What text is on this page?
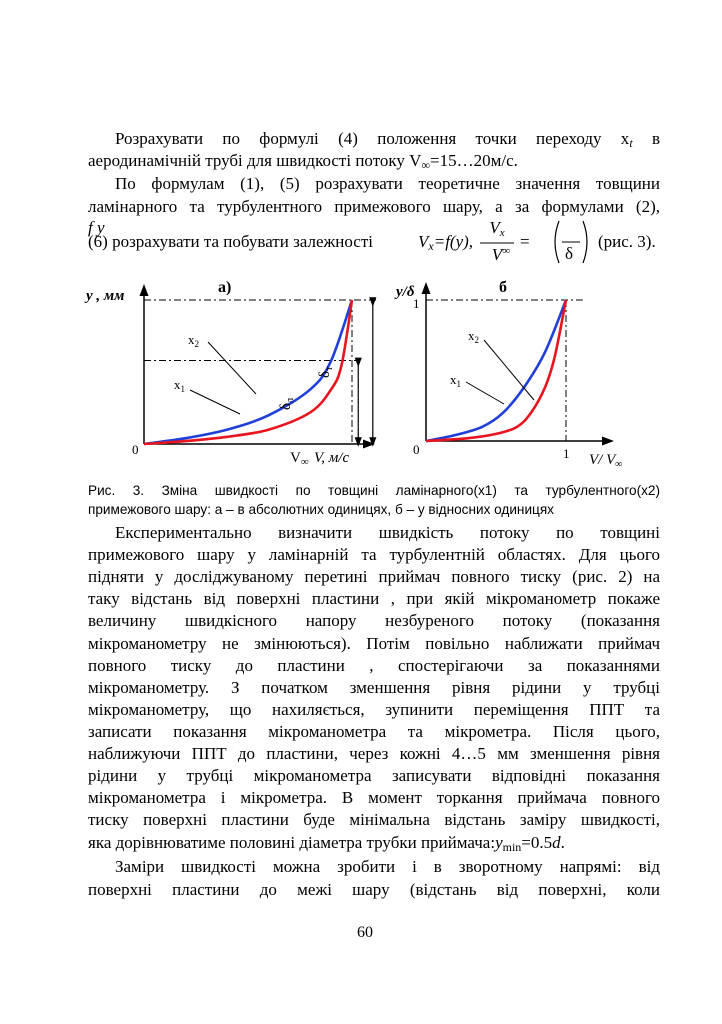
Розрахувати по формулі (4) положення точки переходу xt в

аеродинамічній трубі для швидкості потоку V∞=15…20м/с.

По формулам (1), (5) розрахувати теоретичне значення товщини

ламінарного та турбулентного примежового шару, а за формулами (2),

(6) розрахувати та побувати залежності	Vx=f(y),
Vx
V ∞ =
f y
δ
(рис. 3).
y , мм	а)
0
$V_\infty$ V, м/с
$\delta_т$
$\delta_л$
$x_2$
$x_1$
y/δ	б
1
0	1 V/ $V_\infty$
$x_2$
$x_1$
Рис. 3. Зміна швидкості по товщині ламінарного(x1) та турбулентного(x2)
примежового шару: а – в абсолютних одиницях, б – у відносних одиницях

Експериментально визначити швидкість потоку по товщині

примежового шару у ламінарній та турбулентній областях. Для цього

підняти у досліджуваному перетині приймач повного тиску (рис. 2) на

таку відстань від поверхні пластини , при якій мікроманометр покаже

величину швидкісного напору незбуреного потоку (показання

мікроманометру не змінюються). Потім повільно наближати приймач

повного тиску до пластини , спостерігаючи за показаннями

мікроманометру. З початком зменшення рівня рідини у трубці

мікроманометру, що нахиляється, зупинити переміщення ППТ та

записати показання мікроманометра та мікрометра. Після цього,

наближуючи ППТ до пластини, через кожні 4…5 мм зменшення рівня

рідини у трубці мікроманометра записувати відповідні показання

мікроманометра і мікрометра. В момент торкання приймача повного

тиску поверхні пластини буде мінімальна відстань заміру швидкості,

яка дорівнюватиме половині діаметра трубки приймача:ymin=0.5d.

Заміри швидкості можна зробити і в зворотному напрямі: від

поверхні пластини до межі шару (відстань від поверхні, коли

60
